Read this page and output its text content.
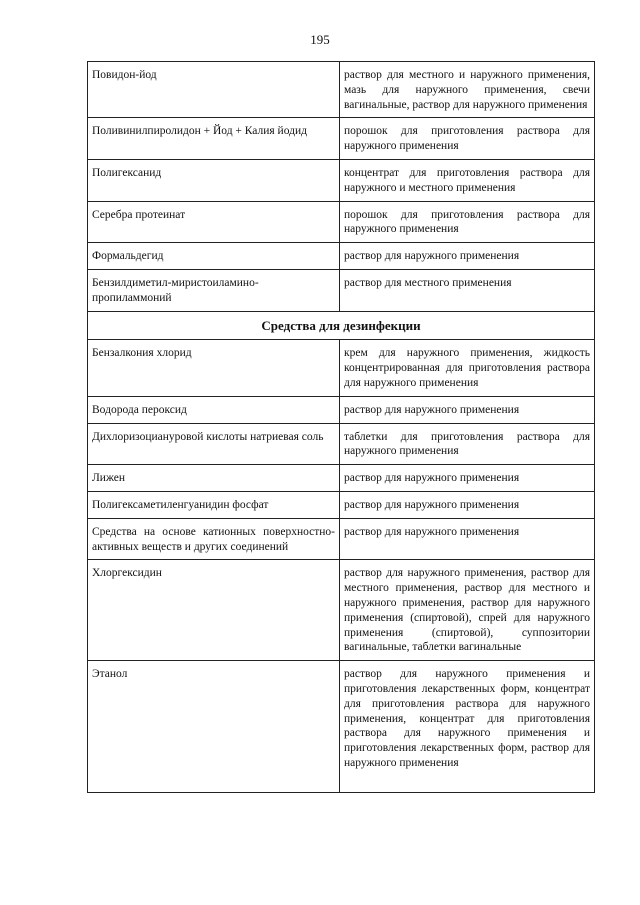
195
Повидон-йод	раствор для местного и наружного применения, мазь для наружного применения, свечи вагинальные, раствор для наружного применения
Поливинилпиролидон + Йод + Калия йодид	порошок для приготовления раствора для наружного применения
Полигексанид	концентрат для приготовления раствора для наружного и местного применения
Серебра протеинат	порошок для приготовления раствора для наружного применения
Формальдегид	раствор для наружного применения
Бензилдиметил-миристоиламино-пропиламмоний	раствор для местного применения
Средства для дезинфекции	
Бензалкония хлорид	крем для наружного применения, жидкость концентрированная для приготовления раствора для наружного применения
Водорода пероксид	раствор для наружного применения
Дихлоризоциануровой кислоты натриевая соль	таблетки для приготовления раствора для наружного применения
Лижен	раствор для наружного применения
Полигексаметиленгуанидин фосфат	раствор для наружного применения
Средства на основе катионных поверхностно-активных веществ и других соединений	раствор для наружного применения
Хлоргексидин	раствор для наружного применения, раствор для местного применения, раствор для местного и наружного применения, раствор для наружного применения (спиртовой), спрей для наружного применения (спиртовой), суппозитории вагинальные, таблетки вагинальные
Этанол	раствор для наружного применения и приготовления лекарственных форм, концентрат для приготовления раствора для наружного применения, концентрат для приготовления раствора для наружного применения и приготовления лекарственных форм, раствор для наружного применения
